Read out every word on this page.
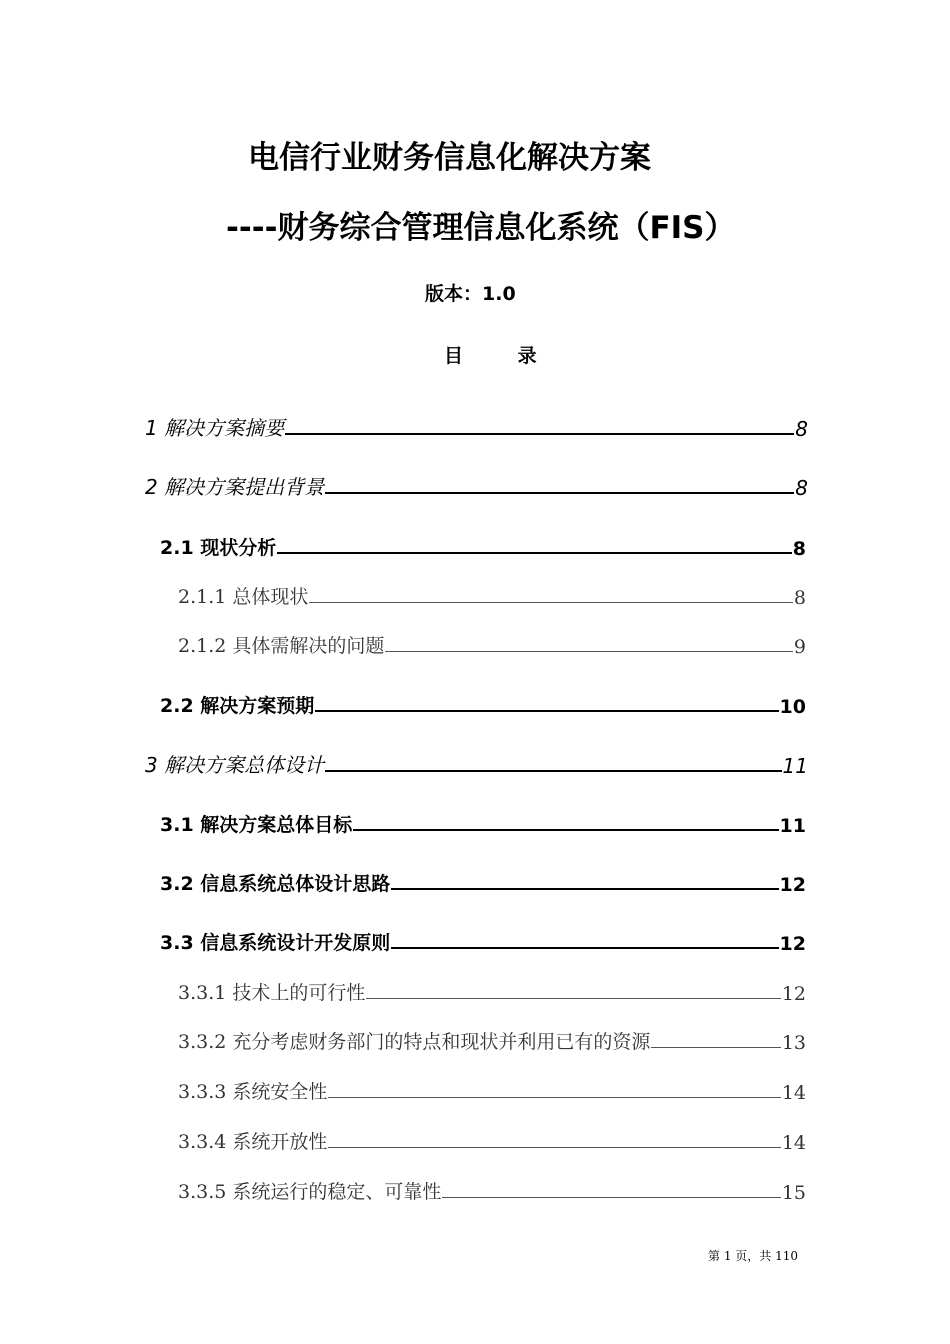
电信行业财务信息化解决方案
----财务综合管理信息化系统（FIS）
版本：1.0
目 录
1 解决方案摘要	8
2 解决方案提出背景	8
2.1 现状分析	8
2.1.1 总体现状	8
2.1.2 具体需解决的问题	9
2.2 解决方案预期	10
3 解决方案总体设计	11
3.1 解决方案总体目标	11
3.2 信息系统总体设计思路	12
3.3 信息系统设计开发原则	12
3.3.1 技术上的可行性	12
3.3.2 充分考虑财务部门的特点和现状并利用已有的资源	13
3.3.3 系统安全性	14
3.3.4 系统开放性	14
3.3.5 系统运行的稳定、可靠性	15
第 1 页，共 110
